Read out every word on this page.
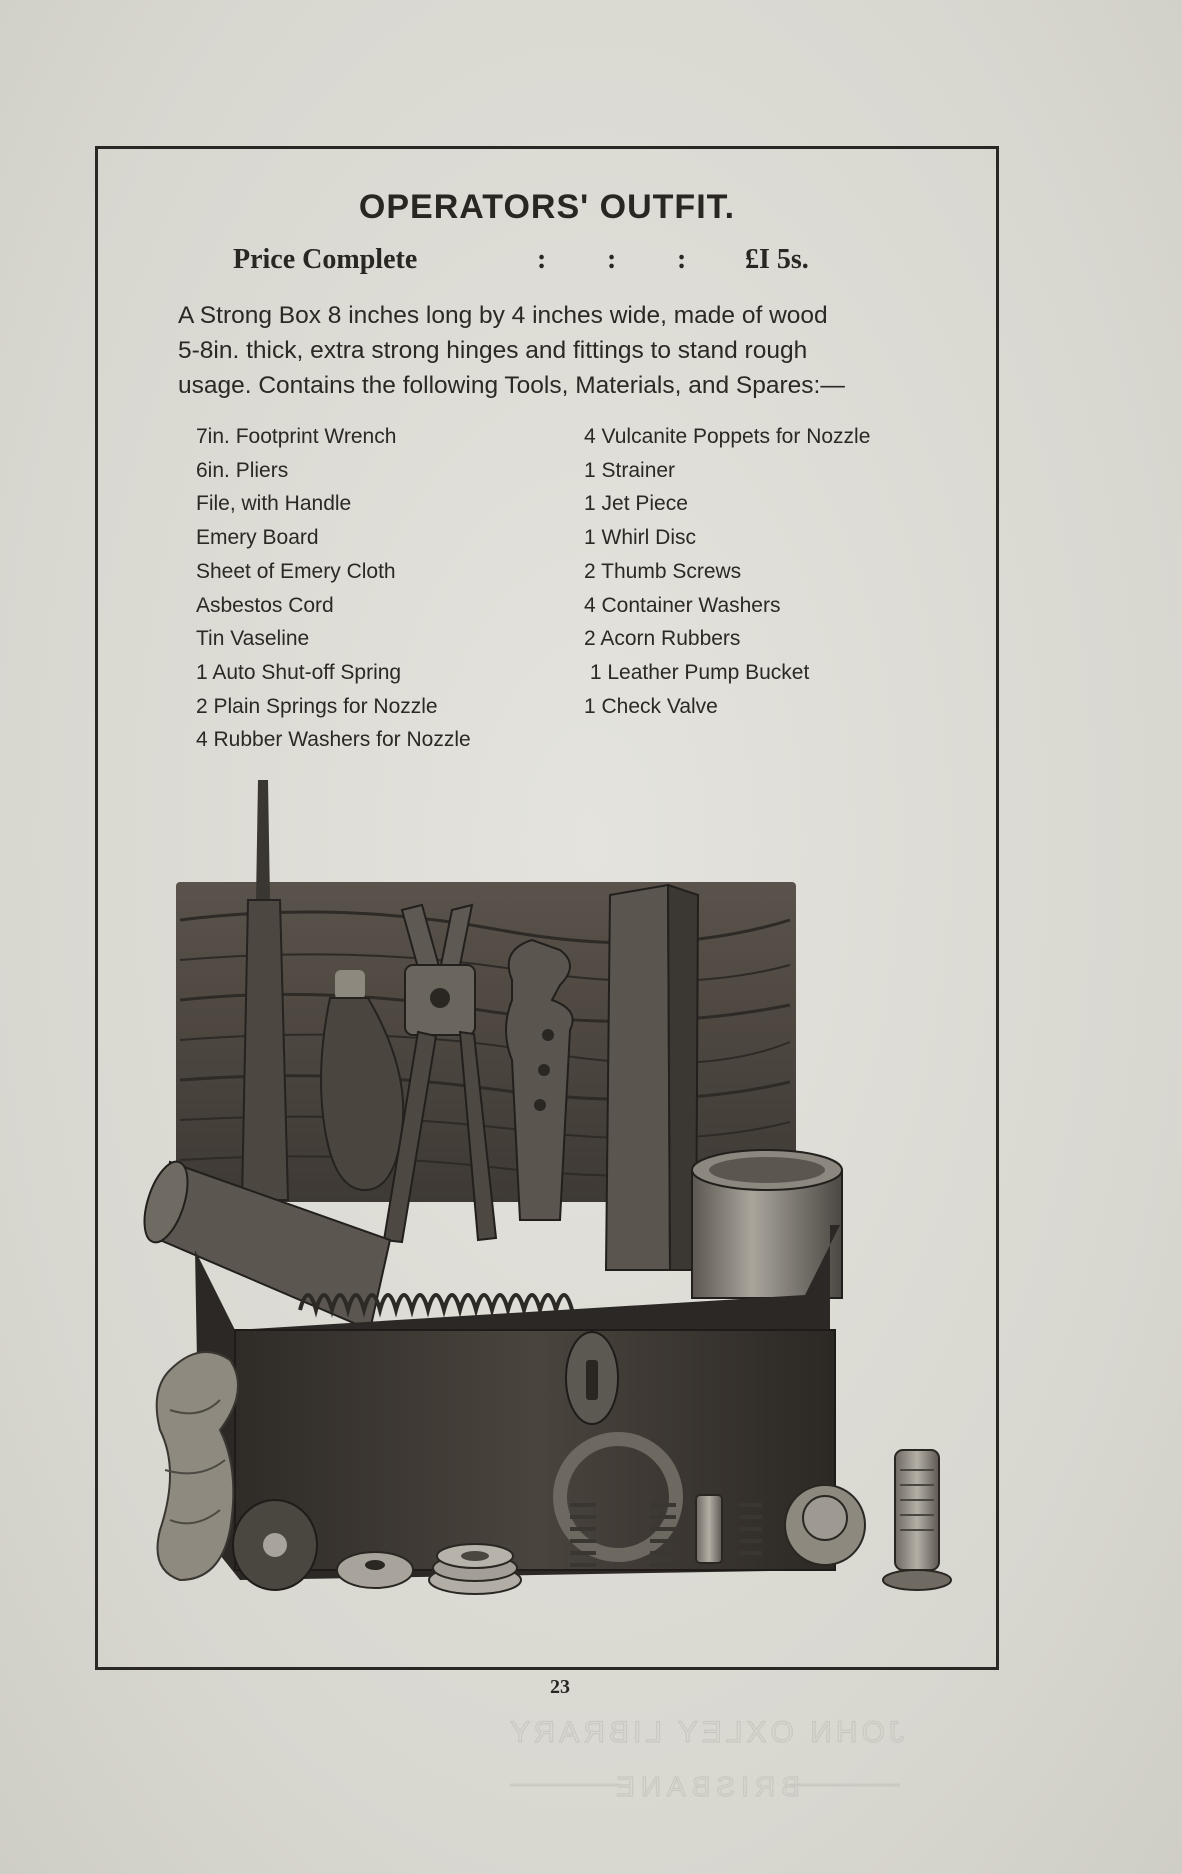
OPERATORS' OUTFIT.
Price Complete	: : : £I 5s.
A Strong Box 8 inches long by 4 inches wide, made of wood
5-8in. thick, extra strong hinges and fittings to stand rough
usage. Contains the following Tools, Materials, and Spares:—
7in. Footprint Wrench
6in. Pliers
File, with Handle
Emery Board
Sheet of Emery Cloth
Asbestos Cord
Tin Vaseline
1 Auto Shut-off Spring
2 Plain Springs for Nozzle
4 Rubber Washers for Nozzle
4 Vulcanite Poppets for Nozzle
1 Strainer
1 Jet Piece
1 Whirl Disc
2 Thumb Screws
4 Container Washers
2 Acorn Rubbers
1 Leather Pump Bucket
1 Check Valve
23
JOHN OXLEY LIBRARY
BRISBANE
